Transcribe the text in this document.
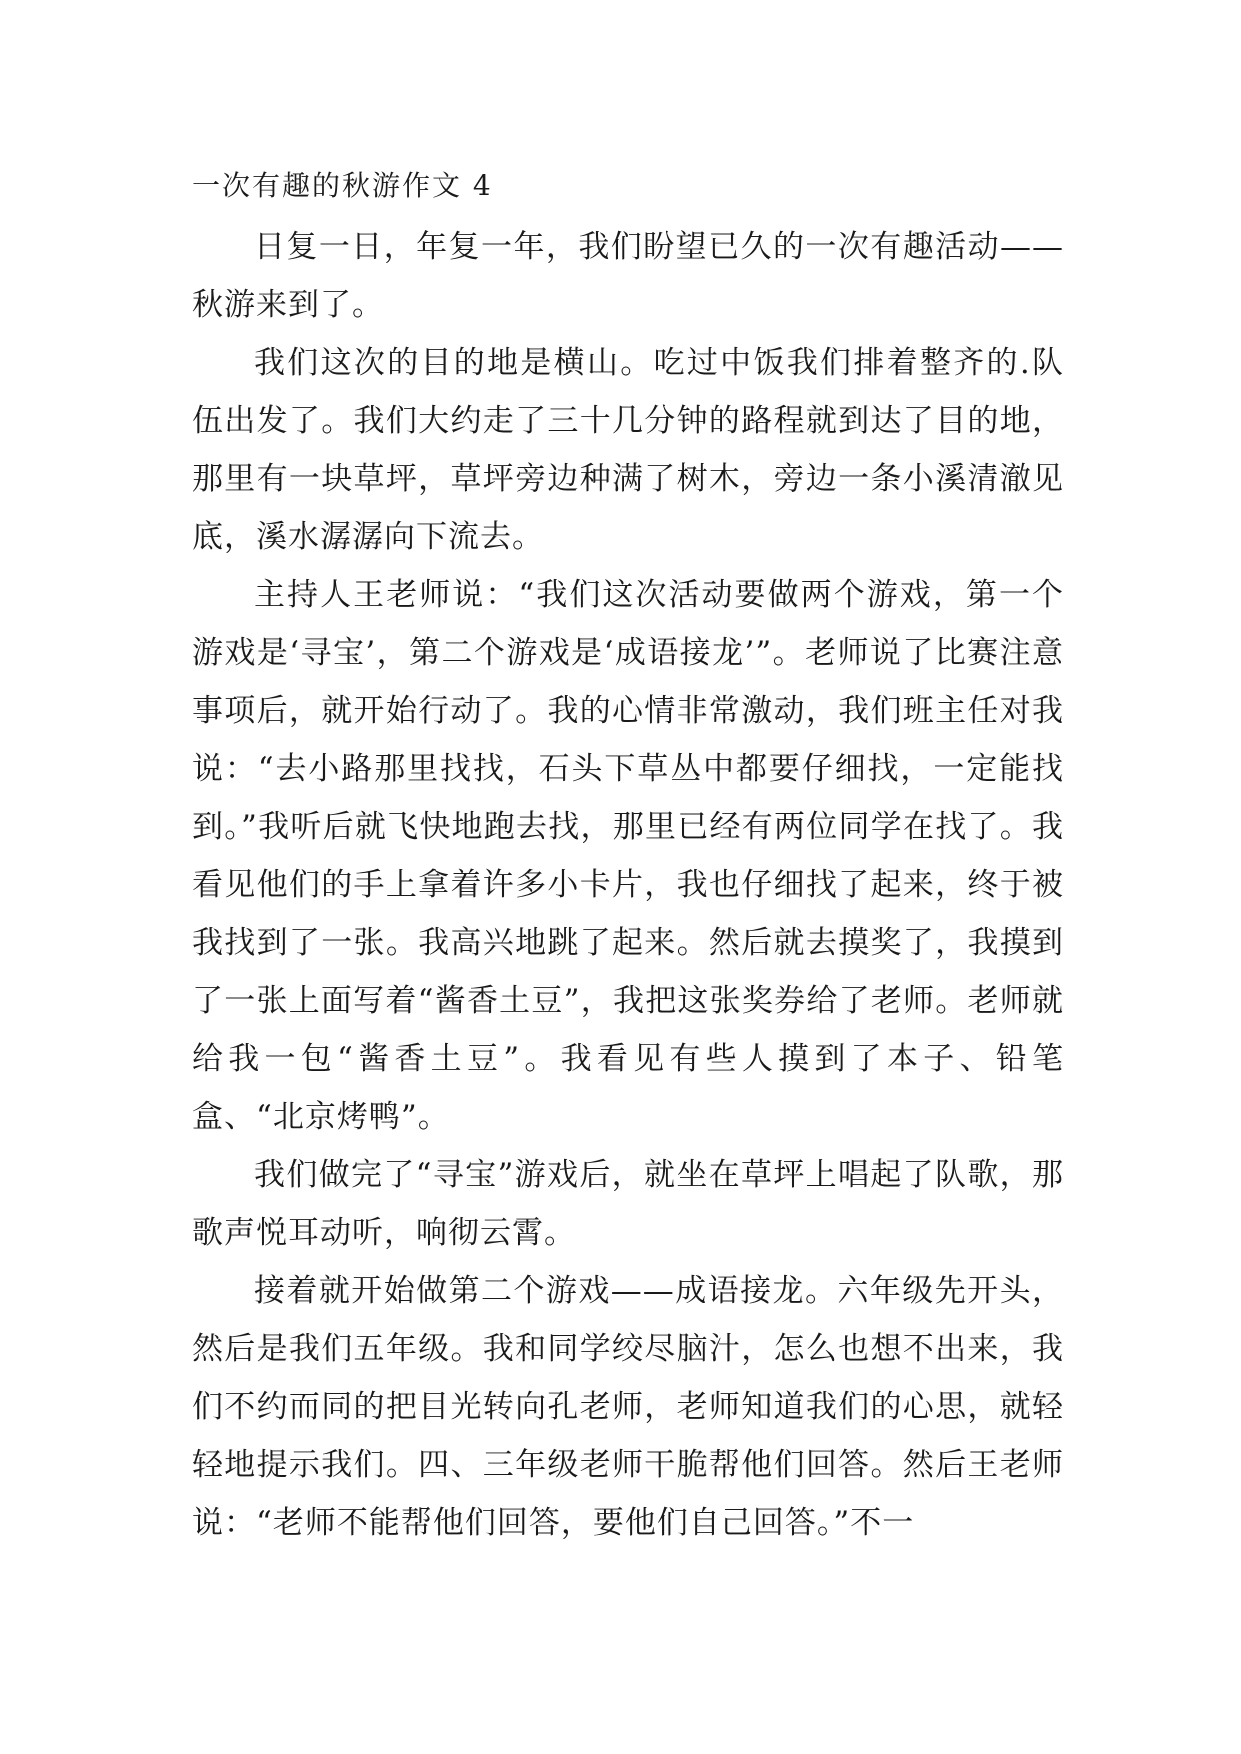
一次有趣的秋游作文 4

日复一日，年复一年，我们盼望已久的一次有趣活动——秋游来到了。

我们这次的目的地是横山。吃过中饭我们排着整齐的.队伍出发了。我们大约走了三十几分钟的路程就到达了目的地，那里有一块草坪，草坪旁边种满了树木，旁边一条小溪清澈见底，溪水潺潺向下流去。

主持人王老师说：“我们这次活动要做两个游戏，第一个游戏是‘寻宝’，第二个游戏是‘成语接龙’”。老师说了比赛注意事项后，就开始行动了。我的心情非常激动，我们班主任对我说：“去小路那里找找，石头下草丛中都要仔细找，一定能找到。”我听后就飞快地跑去找，那里已经有两位同学在找了。我看见他们的手上拿着许多小卡片，我也仔细找了起来，终于被我找到了一张。我高兴地跳了起来。然后就去摸奖了，我摸到了一张上面写着“酱香土豆”，我把这张奖券给了老师。老师就给我一包“酱香土豆”。我看见有些人摸到了本子、铅笔盒、“北京烤鸭”。

我们做完了“寻宝”游戏后，就坐在草坪上唱起了队歌，那歌声悦耳动听，响彻云霄。

接着就开始做第二个游戏——成语接龙。六年级先开头，然后是我们五年级。我和同学绞尽脑汁，怎么也想不出来，我们不约而同的把目光转向孔老师，老师知道我们的心思，就轻轻地提示我们。四、三年级老师干脆帮他们回答。然后王老师说：“老师不能帮他们回答，要他们自己回答。”不一
